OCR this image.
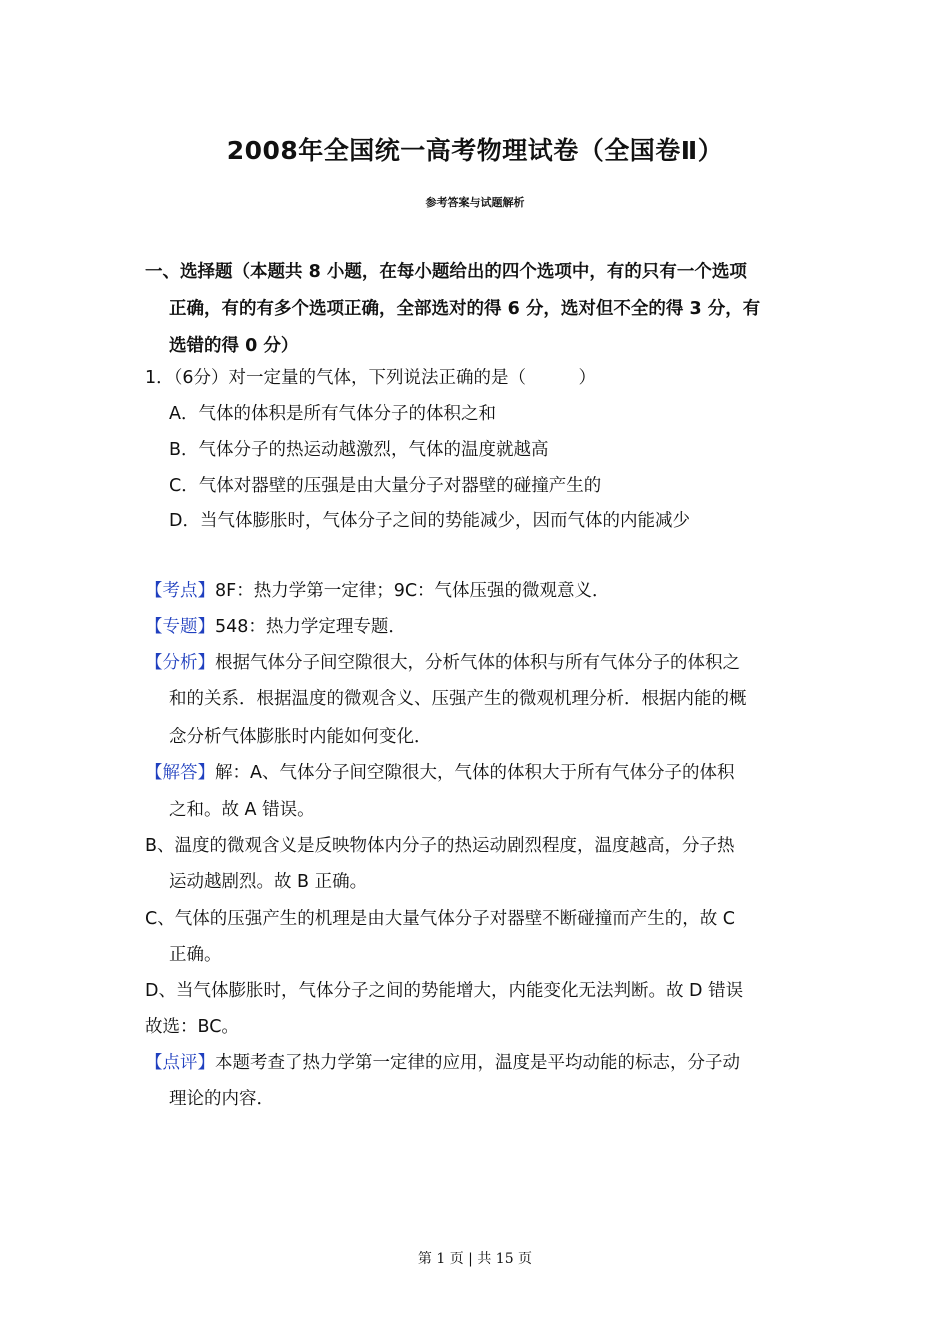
2008年全国统一高考物理试卷（全国卷Ⅱ）
参考答案与试题解析
一、选择题（本题共 8 小题，在每小题给出的四个选项中，有的只有一个选项
正确，有的有多个选项正确，全部选对的得 6 分，选对但不全的得 3 分，有
选错的得 0 分）
1．（6分）对一定量的气体，下列说法正确的是（　　　）
A．气体的体积是所有气体分子的体积之和
B．气体分子的热运动越激烈，气体的温度就越高
C．气体对器壁的压强是由大量分子对器壁的碰撞产生的
D．当气体膨胀时，气体分子之间的势能减少，因而气体的内能减少
【考点】8F：热力学第一定律；9C：气体压强的微观意义．
【专题】548：热力学定理专题．
【分析】根据气体分子间空隙很大，分析气体的体积与所有气体分子的体积之
和的关系．根据温度的微观含义、压强产生的微观机理分析．根据内能的概
念分析气体膨胀时内能如何变化．
【解答】解：A、气体分子间空隙很大，气体的体积大于所有气体分子的体积
之和。故 A 错误。
B、温度的微观含义是反映物体内分子的热运动剧烈程度，温度越高，分子热
运动越剧烈。故 B 正确。
C、气体的压强产生的机理是由大量气体分子对器壁不断碰撞而产生的，故 C
正确。
D、当气体膨胀时，气体分子之间的势能增大，内能变化无法判断。故 D 错误
故选：BC。
【点评】本题考查了热力学第一定律的应用，温度是平均动能的标志，分子动
理论的内容．
第 1 页 | 共 15 页
